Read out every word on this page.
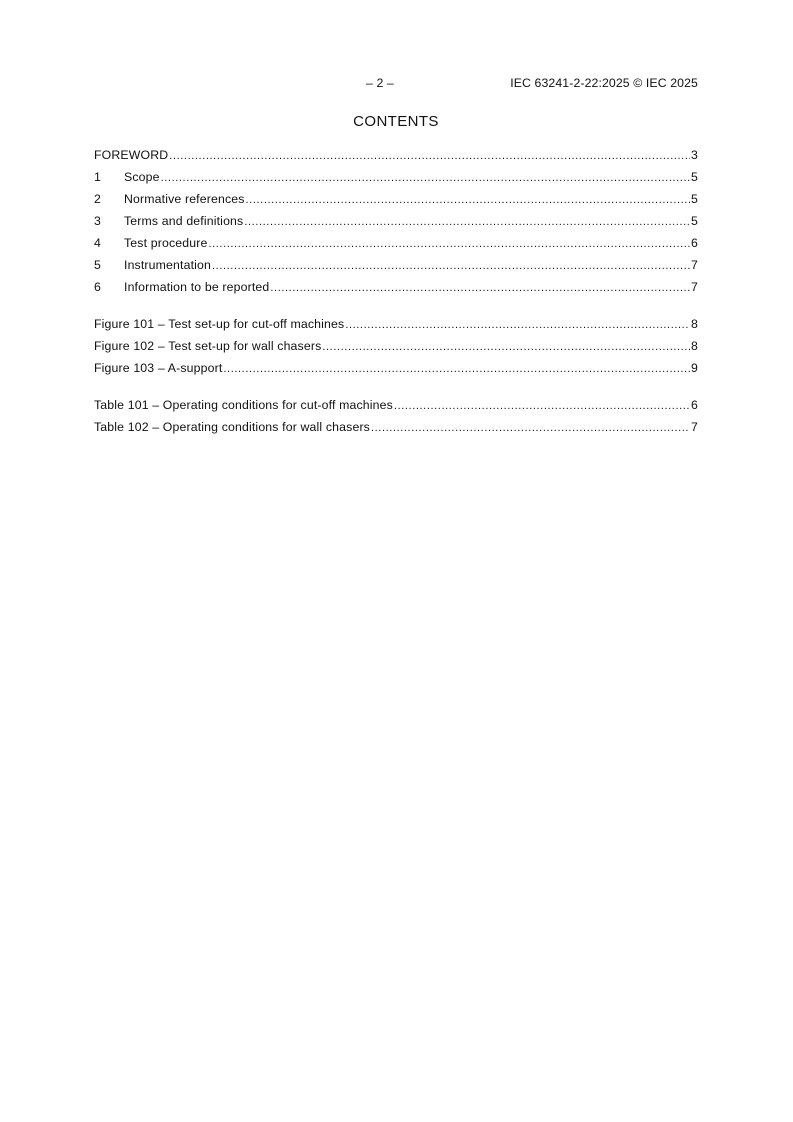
– 2 –	IEC 63241-2-22:2025 © IEC 2025
CONTENTS
FOREWORD .....	3
1	Scope .....	5
2	Normative references .....	5
3	Terms and definitions .....	5
4	Test procedure .....	6
5	Instrumentation .....	7
6	Information to be reported .....	7
Figure 101 – Test set-up for cut-off machines .....	8
Figure 102 – Test set-up for wall chasers .....	8
Figure 103 – A-support .....	9
Table 101 – Operating conditions for cut-off machines .....	6
Table 102 – Operating conditions for wall chasers .....	7
